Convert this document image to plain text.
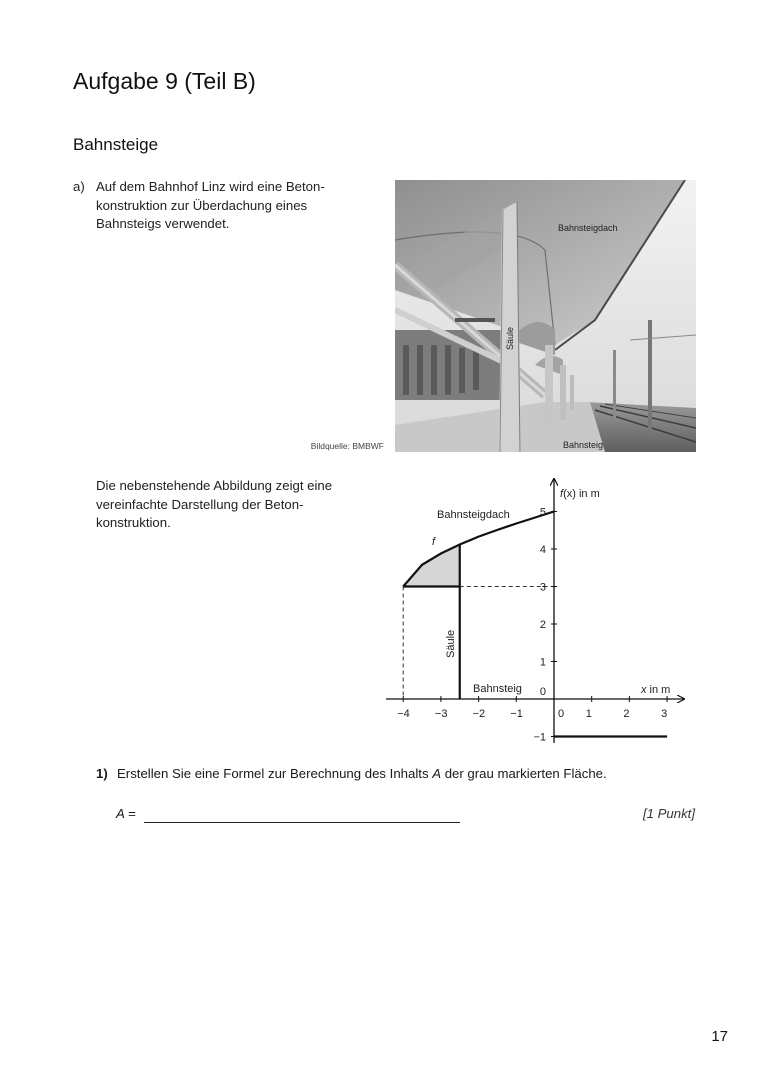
Aufgabe 9 (Teil B)
Bahnsteige
a) Auf dem Bahnhof Linz wird eine Betonkonstruktion zur Überdachung eines Bahnsteigs verwendet.	Bahnsteigdach
Säule
Bahnsteig
Bildquelle: BMBWF
Die nebenstehende Abbildung zeigt eine vereinfachte Darstellung der Betonkonstruktion.
−4 −3 −2 −1	0 1	2	3
−1
1
2
3
4
5
0
f(x) in m
x in m
Bahnsteigdach
f
Säule
Bahnsteig
1) Erstellen Sie eine Formel zur Berechnung des Inhalts A der grau markierten Fläche.
A =	[1 Punkt]
17
